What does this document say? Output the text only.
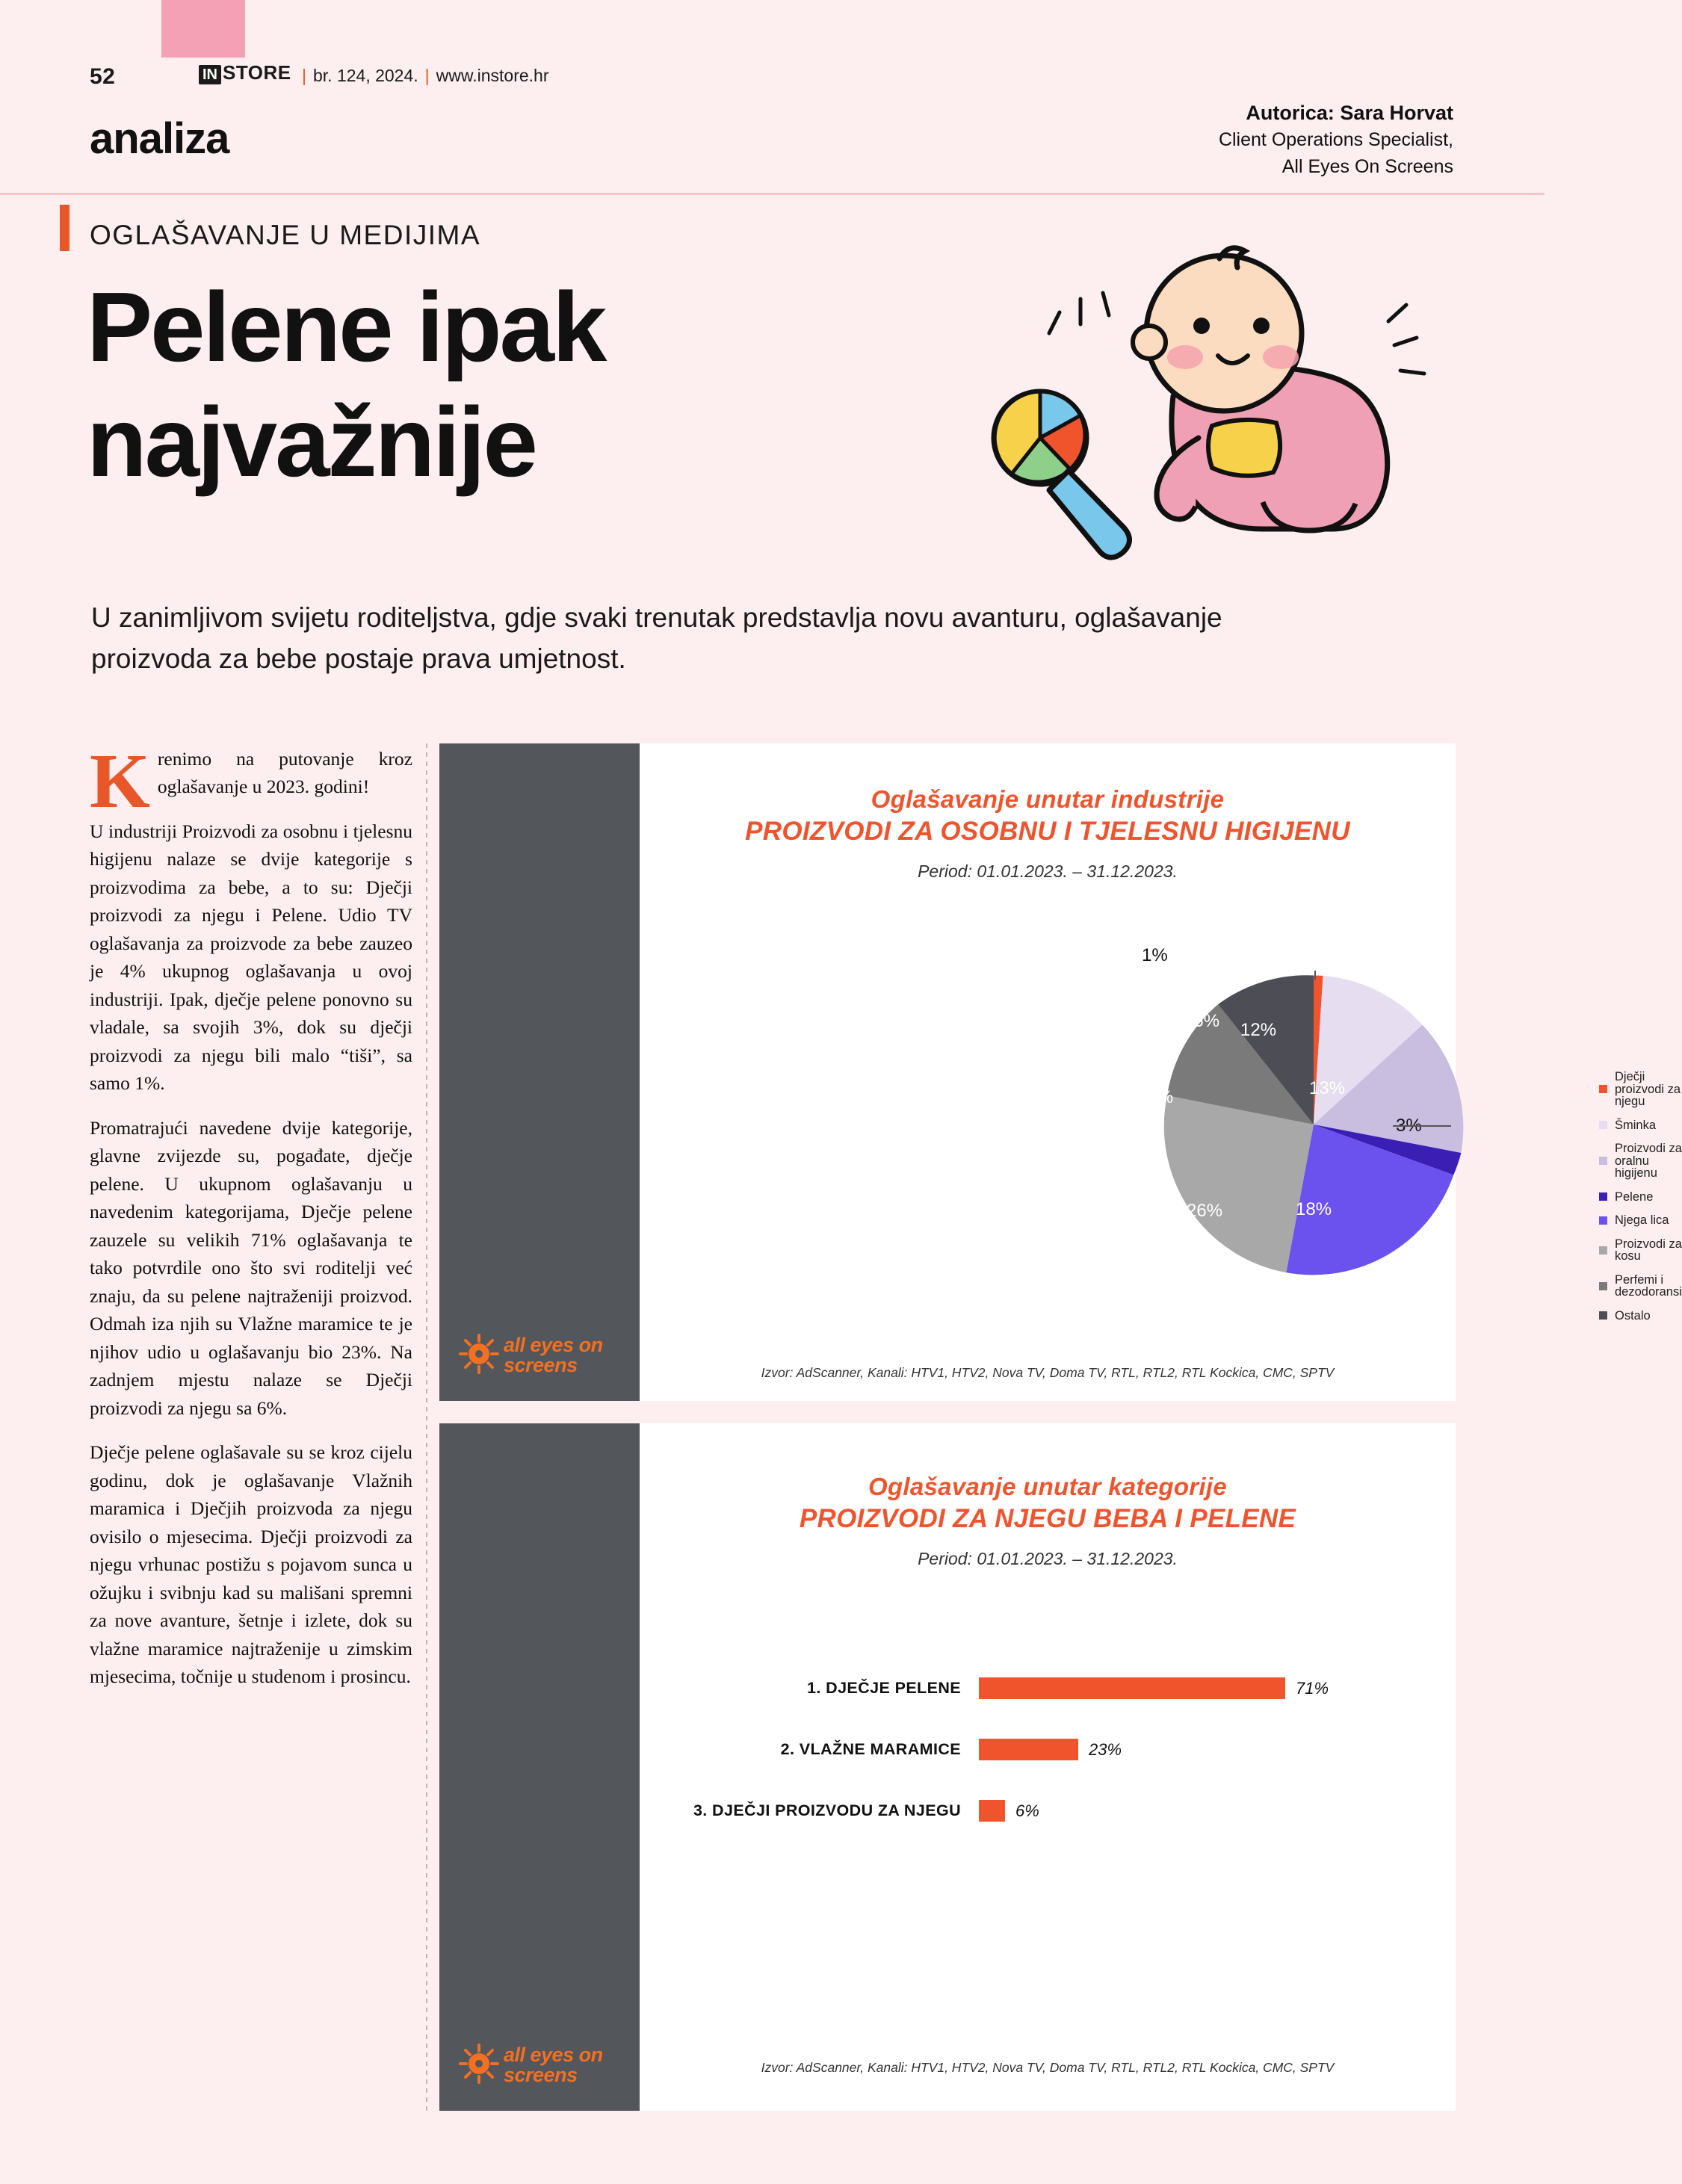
52	IN STORE | br. 124, 2024. | www.instore.hr
analiza
Autorica: Sara Horvat
Client Operations Specialist,
All Eyes On Screens
OGLAŠAVANJE U MEDIJIMA
Pelene ipak
najvažnije
U zanimljivom svijetu roditeljstva, gdje svaki trenutak predstavlja novu avanturu, oglašavanje proizvoda za bebe postaje prava umjetnost.

Krenimo na putovanje kroz oglašavanje u 2023. godini!

U industriji Proizvodi za osobnu i tjelesnu higijenu nalaze se dvije kategorije s proizvodima za bebe, a to su: Dječji proizvodi za njegu i Pelene. Udio TV oglašavanja za proizvode za bebe zauzeo je 4% ukupnog oglašavanja u ovoj industriji. Ipak, dječje pelene ponovno su vladale, sa svojih 3%, dok su dječji proizvodi za njegu bili malo “tiši”, sa samo 1%.

Promatrajući navedene dvije kategorije, glavne zvijezde su, pogađate, dječje pelene. U ukupnom oglašavanju u navedenim kategorijama, Dječje pelene zauzele su velikih 71% oglašavanja te tako potvrdile ono što svi roditelji već znaju, da su pelene najtraženiji proizvod. Odmah iza njih su Vlažne maramice te je njihov udio u oglašavanju bio 23%. Na zadnjem mjestu nalaze se Dječji proizvodi za njegu sa 6%.

Dječje pelene oglašavale su se kroz cijelu godinu, dok je oglašavanje Vlažnih maramica i Dječjih proizvoda za njegu ovisilo o mjesecima. Dječji proizvodi za njegu vrhunac postižu s pojavom sunca u ožujku i svibnju kad su mališani spremni za nove avanture, šetnje i izlete, dok su vlažne maramice najtraženije u zimskim mjesecima, točnije u studenom i prosincu.

all eyes on
screens
Oglašavanje unutar industrije
PROIZVODI ZA OSOBNU I TJELESNU HIGIJENU
Period: 01.01.2023. – 31.12.2023.
1%
12%
13%
3%
18%
26%
11%
16%
Dječji proizvodi za njegu
Šminka
Proizvodi za oralnu higijenu
Pelene
Njega lica
Proizvodi za kosu
Perfemi i dezodoransi
Ostalo
Izvor: AdScanner, Kanali: HTV1, HTV2, Nova TV, Doma TV, RTL, RTL2, RTL Kockica, CMC, SPTV
all eyes on
screens
Oglašavanje unutar kategorije
PROIZVODI ZA NJEGU BEBA I PELENE
Period: 01.01.2023. – 31.12.2023.
1. DJEČJE PELENE	71%
2. VLAŽNE MARAMICE	23%
3. DJEČJI PROIZVODU ZA NJEGU	6%
Izvor: AdScanner, Kanali: HTV1, HTV2, Nova TV, Doma TV, RTL, RTL2, RTL Kockica, CMC, SPTV
